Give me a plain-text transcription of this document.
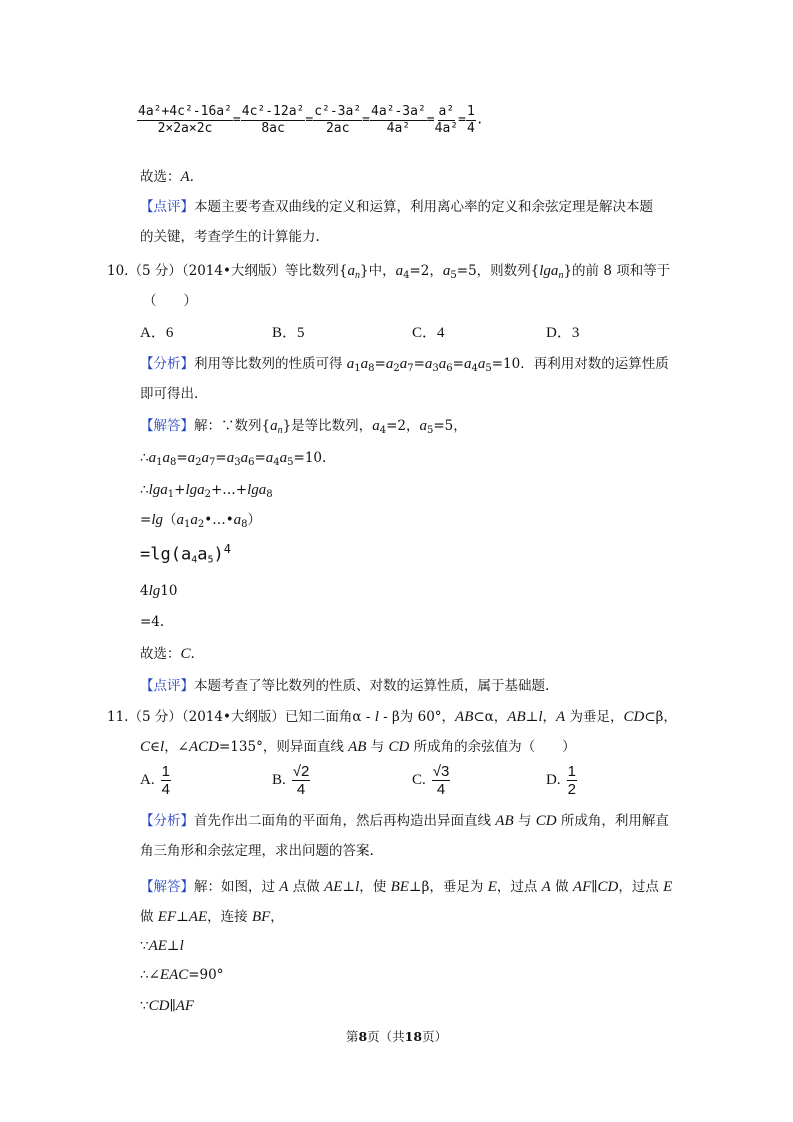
$\frac{\text{4a²+4c²-16a²}}{2\times 2a\times 2c} = \frac{\text{4c²-12a²}}{8ac} = \frac{\text{c²-3a²}}{2ac} = \frac{\text{4a²-3a²}}{\text{4a²}} = \frac{\text{a²}}{\text{4a²}} = \frac{1}{4}$ .
故选：A.
【点评】本题主要考查双曲线的定义和运算，利用离心率的定义和余弦定理是解决本题
的关键，考查学生的计算能力.
10.（5 分）（2014•大纲版）等比数列$\{a_n\}$中，$a_4=2$，$a_5=5$，则数列{lga$_n$}的前 8 项和等于
（　　）
【分析】利用等比数列的性质可得 $a_1a_8=a_2a_7=a_3a_6=a_4a_5=10$．再利用对数的运算性质
即可得出.
【解答】解：∵数列$\{a_n\}$是等比数列，$a_4=2$，$a_5=5$，
$\therefore a_1a_8=a_2a_7=a_3a_6=a_4a_5=10$.
∴lga$_1$+lga$_2$+…+lga$_8$
$=\lg(a_1a_2•\dots•a_8)$
4lg10
=4.
故选：C.
【点评】本题考查了等比数列的性质、对数的运算性质，属于基础题.
11.（5 分）（2014•大纲版）已知二面角α - l - β为 60°，AB⊂α，AB⊥l，A 为垂足，CD⊂β，
C∈l，∠ACD=135°，则异面直线 AB 与 CD 所成角的余弦值为（　　）
【分析】首先作出二面角的平面角，然后再构造出异面直线 AB 与 CD 所成角，利用解直
角三角形和余弦定理，求出问题的答案.
【解答】解：如图，过 A 点做 AE⊥l，使 BE⊥β，垂足为 E，过点 A 做 AF∥CD，过点 E
做 EF⊥AE，连接 BF，
∵AE⊥l
∴∠EAC=90°
∵CD∥AF
A．6	B．5	C．4	D．3
$=\lg(a_4a_5)^4$
A. $\frac{1}{4}$	B. $\frac{√2}{4}$	C. $\frac{√3}{4}$	D. $\frac{1}{2}$
第8页（共18页）
